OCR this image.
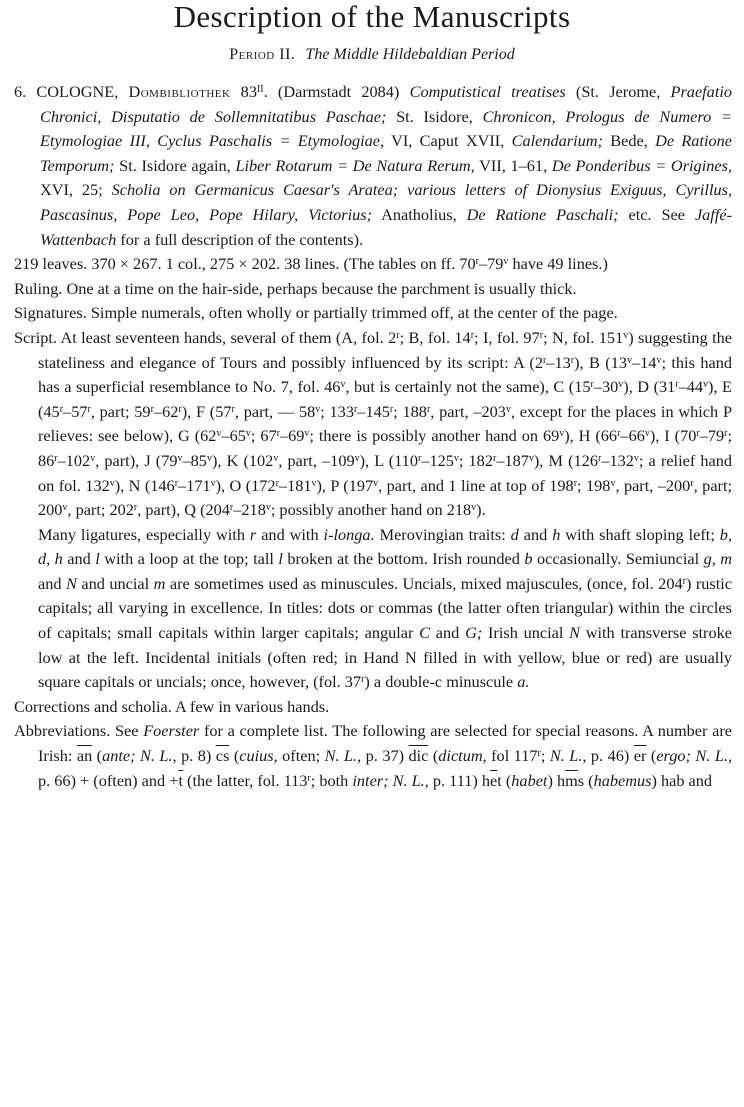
Description of the Manuscripts
Period II. The Middle Hildebaldian Period

6. COLOGNE, Dombibliothek $83^{II}$. (Darmstadt 2084) Computistical treatises (St. Jerome, Praefatio Chronici, Disputatio de Sollemnitatibus Paschae; St. Isidore, Chronicon, Prologus de Numero = Etymologiae III, Cyclus Paschalis = Etymologiae, VI, Caput XVII, Calendarium; Bede, De Ratione Temporum; St. Isidore again, Liber Rotarum = De Natura Rerum, VII, 1–61, De Ponderibus = Origines, XVI, 25; Scholia on Germanicus Caesar's Aratea; various letters of Dionysius Exiguus, Cyrillus, Pascasinus, Pope Leo, Pope Hilary, Victorius; Anatholius, De Ratione Paschali; etc. See Jaffé-Wattenbach for a full description of the contents).

219 leaves. 370 × 267. 1 col., 275 × 202. 38 lines. (The tables on ff. 70$^r$–79$^v$ have 49 lines.)

Ruling. One at a time on the hair-side, perhaps because the parchment is usually thick.

Signatures. Simple numerals, often wholly or partially trimmed off, at the center of the page.

Script. At least seventeen hands, several of them (A, fol. 2$^r$; B, fol. 14$^r$; I, fol. 97$^r$; N, fol. 151$^v$) suggesting the stateliness and elegance of Tours and possibly influenced by its script: A (2$^r$–13$^r$), B (13$^v$–14$^v$; this hand has a superficial resemblance to No. 7, fol. 46$^v$, but is certainly not the same), C (15$^r$–30$^v$), D (31$^r$–44$^v$), E (45$^r$–57$^r$, part; 59$^r$–62$^r$), F (57$^r$, part, — 58$^v$; 133$^r$–145$^r$; 188$^r$, part, –203$^v$, except for the places in which P relieves: see below), G (62$^v$–65$^v$; 67$^r$–69$^v$; there is possibly another hand on 69$^v$), H (66$^r$–66$^v$), I (70$^r$–79$^r$; 86$^r$–102$^v$, part), J (79$^v$–85$^v$), K (102$^v$, part, –109$^v$), L (110$^r$–125$^v$; 182$^r$–187$^v$), M (126$^r$–132$^v$; a relief hand on fol. 132$^v$), N (146$^r$–171$^v$), O (172$^r$–181$^v$), P (197$^v$, part, and 1 line at top of 198$^r$; 198$^v$, part, –200$^r$, part; 200$^v$, part; 202$^r$, part), Q (204$^r$–218$^v$; possibly another hand on 218$^v$).

Many ligatures, especially with r and with i-longa. Merovingian traits: d and h with shaft sloping left; b, d, h and l with a loop at the top; tall l broken at the bottom. Irish rounded b occasionally. Semiuncial g, m and N and uncial m are sometimes used as minuscules. Uncials, mixed majuscules, (once, fol. 204$^r$) rustic capitals; all varying in excellence. In titles: dots or commas (the latter often triangular) within the circles of capitals; small capitals within larger capitals; angular C and G; Irish uncial N with transverse stroke low at the left. Incidental initials (often red; in Hand N filled in with yellow, blue or red) are usually square capitals or uncials; once, however, (fol. 37$^r$) a double-c minuscule a.

Corrections and scholia. A few in various hands.

Abbreviations. See Foerster for a complete list. The following are selected for special reasons. A number are Irish: $\overline{an}$ (ante; N. L., p. 8) $\overline{cs}$ (cuius, often; N. L., p. 37) $\overline{dic}$ (dictum, fol 117$^r$; N. L., p. 46) $\overline{er}$ (ergo; N. L., p. 66) + (often) and $+\overline{t}$ (the latter, fol. 113$^r$; both inter; N. L., p. 111) $h\overline{e}t$ (habet) $h\overline{m}s$ (habemus) hab and
